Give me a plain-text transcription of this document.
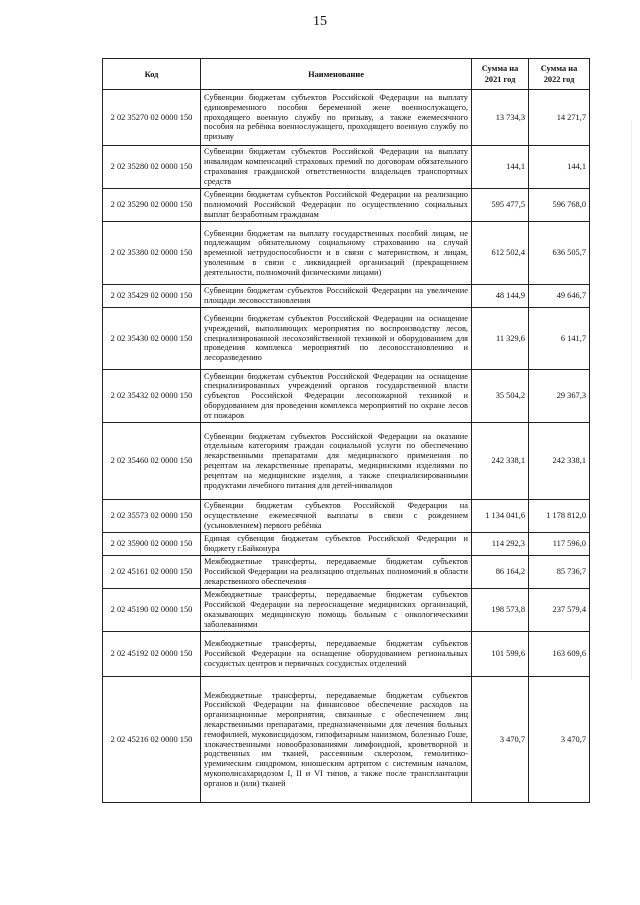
15
Код	Наименование	Сумма на 2021 год	Сумма на 2022 год
2 02 35270 02 0000 150	Субвенции бюджетам субъектов Российской Федерации на выплату единовременного пособия беременной жене военнослужащего, проходящего военную службу по призыву, а также ежемесячного пособия на ребёнка военнослужащего, проходящего военную службу по призыву	13 734,3	14 271,7
2 02 35280 02 0000 150	Субвенции бюджетам субъектов Российской Федерации на выплату инвалидам компенсаций страховых премий по договорам обязательного страхования гражданской ответственности владельцев транспортных средств	144,1	144,1
2 02 35290 02 0000 150	Субвенции бюджетам субъектов Российской Федерации на реализацию полномочий Российской Федерации по осуществлению социальных выплат безработным гражданам	595 477,5	596 768,0
2 02 35380 02 0000 150	Субвенции бюджетам на выплату государственных пособий лицам, не подлежащим обязательному социальному страхованию на случай временной нетрудоспособности и в связи с материнством, и лицам, уволенным в связи с ликвидацией организаций (прекращением деятельности, полномочий физическими лицами)	612 502,4	636 505,7
2 02 35429 02 0000 150	Субвенции бюджетам субъектов Российской Федерации на увеличение площади лесовосстановления	48 144,9	49 646,7
2 02 35430 02 0000 150	Субвенции бюджетам субъектов Российской Федерации на оснащение учреждений, выполняющих мероприятия по воспроизводству лесов, специализированной лесохозяйственной техникой и оборудованием для проведения комплекса мероприятий по лесовосстановлению и лесоразведению	11 329,6	6 141,7
2 02 35432 02 0000 150	Субвенции бюджетам субъектов Российской Федерации на оснащение специализированных учреждений органов государственной власти субъектов Российской Федерации лесопожарной техникой и оборудованием для проведения комплекса мероприятий по охране лесов от пожаров	35 504,2	29 367,3
2 02 35460 02 0000 150	Субвенции бюджетам субъектов Российской Федерации на оказание отдельным категориям граждан социальной услуги по обеспечению лекарственными препаратами для медицинского применения по рецептам на лекарственные препараты, медицинскими изделиями по рецептам на медицинские изделия, а также специализированными продуктами лечебного питания для детей-инвалидов	242 338,1	242 338,1
2 02 35573 02 0000 150	Субвенции бюджетам субъектов Российской Федерации на осуществление ежемесячной выплаты в связи с рождением (усыновлением) первого ребёнка	1 134 041,6	1 178 812,0
2 02 35900 02 0000 150	Единая субвенция бюджетам субъектов Российской Федерации и бюджету г.Байконура	114 292,3	117 596,0
2 02 45161 02 0000 150	Межбюджетные трансферты, передаваемые бюджетам субъектов Российской Федерации на реализацию отдельных полномочий в области лекарственного обеспечения	86 164,2	85 736,7
2 02 45190 02 0000 150	Межбюджетные трансферты, передаваемые бюджетам субъектов Российской Федерации на переоснащение медицинских организаций, оказывающих медицинскую помощь больным с онкологическими заболеваниями	198 573,8	237 579,4
2 02 45192 02 0000 150	Межбюджетные трансферты, передаваемые бюджетам субъектов Российской Федерации на оснащение оборудованием региональных сосудистых центров и первичных сосудистых отделений	101 599,6	163 609,6
2 02 45216 02 0000 150	Межбюджетные трансферты, передаваемые бюджетам субъектов Российской Федерации на финансовое обеспечение расходов на организационные мероприятия, связанные с обеспечением лиц лекарственными препаратами, предназначенными для лечения больных гемофилией, муковисцидозом, гипофизарным нанизмом, болезнью Гоше, злокачественными новообразованиями лимфоидной, кроветворной и родственных им тканей, рассеянным склерозом, гемолитико-уремическим синдромом, юношеским артритом с системным началом, мукополисахаридозом I, II и VI типов, а также после трансплантации органов и (или) тканей	3 470,7	3 470,7
